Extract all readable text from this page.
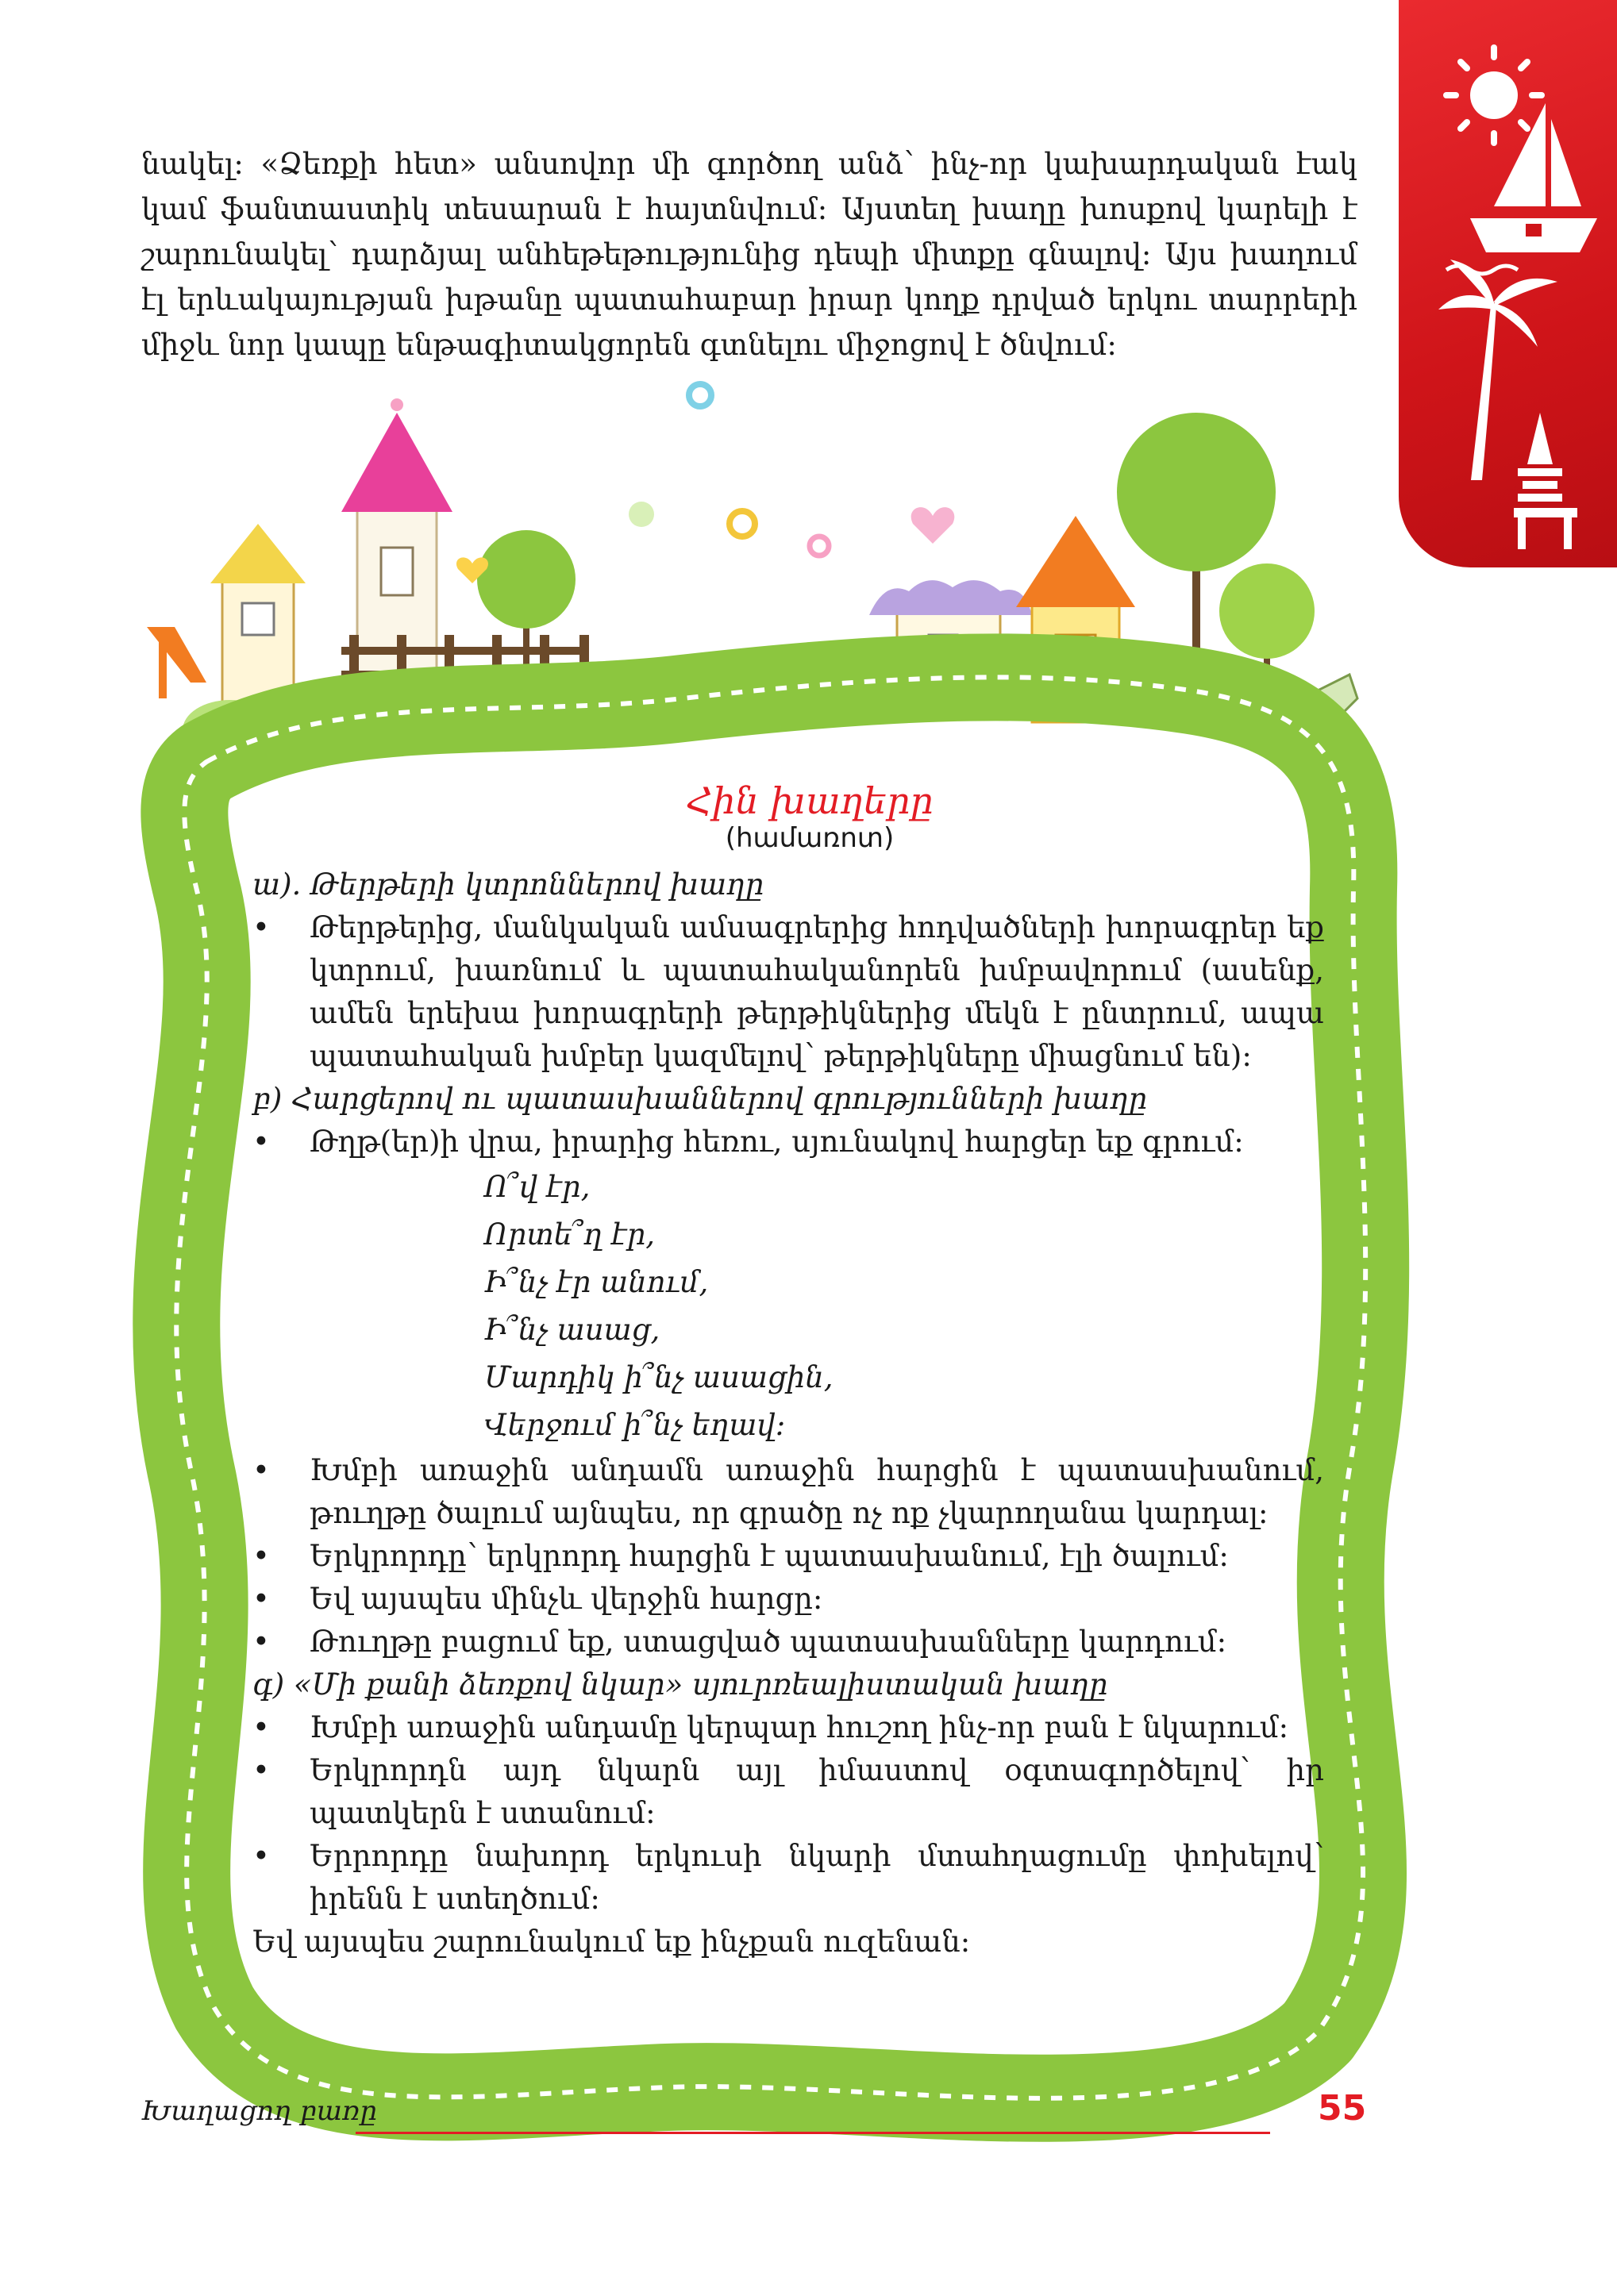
նակել: «Ձեռքի հետ» անսովոր մի գործող անձ՝ ինչ-որ կախարդական էակ կամ ֆանտաստիկ տեսարան է հայտնվում: Այստեղ խաղը խոսքով կարելի է շարունակել՝ դարձյալ անհեթեթությունից դեպի միտքը գնալով: Այս խաղում էլ երևակայության խթանը պատահաբար իրար կողք դրված երկու տարրերի միջև նոր կապը ենթագիտակցորեն գտնելու միջոցով է ծնվում:

Հին խաղերը
(համառոտ)

ա). Թերթերի կտրոններով խաղը

• Թերթերից, մանկական ամսագրերից հոդվածների խորագրեր եք կտրում, խառնում և պատահականորեն խմբավորում (ասենք, ամեն երեխա խորագրերի թերթիկներից մեկն է ընտրում, ապա պատահական խմբեր կազմելով՝ թերթիկները միացնում են):

բ) Հարցերով ու պատասխաններով գրությունների խաղը

• Թղթ(եր)ի վրա, իրարից հեռու, սյունակով հարցեր եք գրում:
Ո՞վ էր,
Որտե՞ղ էր,
Ի՞նչ էր անում,
Ի՞նչ ասաց,
Մարդիկ ի՞նչ ասացին,
Վերջում ի՞նչ եղավ:
• Խմբի առաջին անդամն առաջին հարցին է պատասխանում, թուղթը ծալում այնպես, որ գրածը ոչ ոք չկարողանա կարդալ:
• Երկրորդը՝ երկրորդ հարցին է պատասխանում, էլի ծալում:
• Եվ այսպես մինչև վերջին հարցը:
• Թուղթը բացում եք, ստացված պատասխանները կարդում:

գ) «Մի քանի ձեռքով նկար» սյուրռեալիստական խաղը

• Խմբի առաջին անդամը կերպար հուշող ինչ-որ բան է նկարում:
• Երկրորդն այդ նկարն այլ իմաստով օգտագործելով՝ իր պատկերն է ստանում:
• Երրորդը նախորդ երկուսի նկարի մտահղացումը փոխելով՝ իրենն է ստեղծում:

Եվ այսպես շարունակում եք ինչքան ուզենան:

Խաղացող բառը	55
